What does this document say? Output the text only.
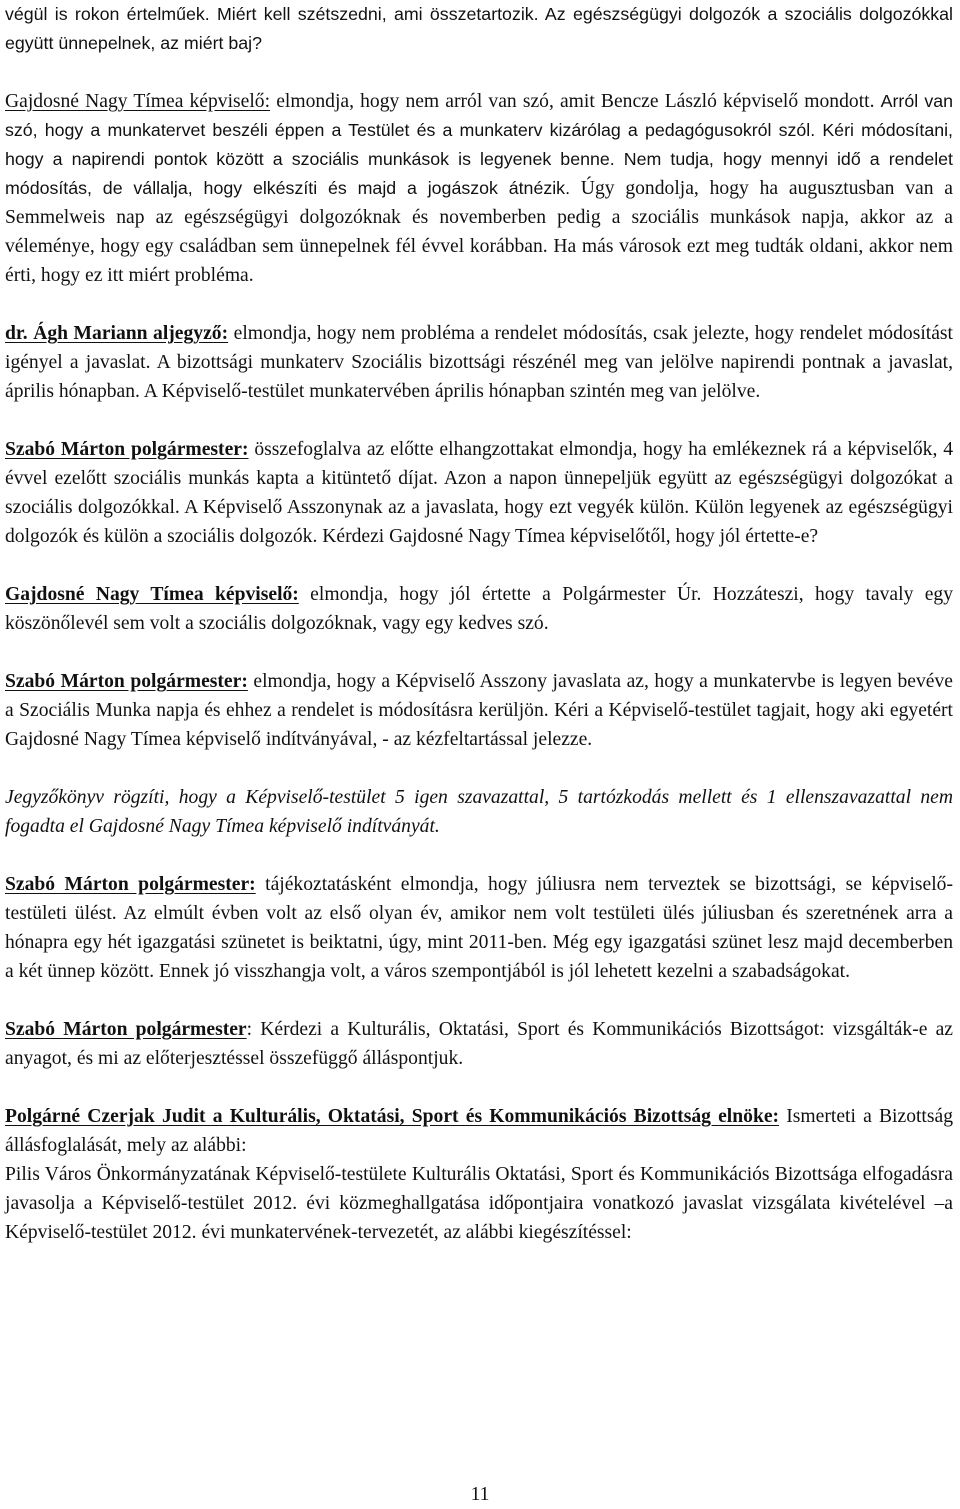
végül is rokon értelműek. Miért kell szétszedni, ami összetartozik. Az egészségügyi dolgozók a szociális dolgozókkal együtt ünnepelnek, az miért baj?

Gajdosné Nagy Tímea képviselő: elmondja, hogy nem arról van szó, amit Bencze László képviselő mondott. Arról van szó, hogy a munkatervet beszéli éppen a Testület és a munkaterv kizárólag a pedagógusokról szól. Kéri módosítani, hogy a napirendi pontok között a szociális munkások is legyenek benne. Nem tudja, hogy mennyi idő a rendelet módosítás, de vállalja, hogy elkészíti és majd a jogászok átnézik. Úgy gondolja, hogy ha augusztusban van a Semmelweis nap az egészségügyi dolgozóknak és novemberben pedig a szociális munkások napja, akkor az a véleménye, hogy egy családban sem ünnepelnek fél évvel korábban. Ha más városok ezt meg tudták oldani, akkor nem érti, hogy ez itt miért probléma.

dr. Ágh Mariann aljegyző: elmondja, hogy nem probléma a rendelet módosítás, csak jelezte, hogy rendelet módosítást igényel a javaslat. A bizottsági munkaterv Szociális bizottsági részénél meg van jelölve napirendi pontnak a javaslat, április hónapban. A Képviselő-testület munkatervében április hónapban szintén meg van jelölve.

Szabó Márton polgármester: összefoglalva az előtte elhangzottakat elmondja, hogy ha emlékeznek rá a képviselők, 4 évvel ezelőtt szociális munkás kapta a kitüntető díjat. Azon a napon ünnepeljük együtt az egészségügyi dolgozókat a szociális dolgozókkal. A Képviselő Asszonynak az a javaslata, hogy ezt vegyék külön. Külön legyenek az egészségügyi dolgozók és külön a szociális dolgozók. Kérdezi Gajdosné Nagy Tímea képviselőtől, hogy jól értette-e?

Gajdosné Nagy Tímea képviselő: elmondja, hogy jól értette a Polgármester Úr. Hozzáteszi, hogy tavaly egy köszönőlevél sem volt a szociális dolgozóknak, vagy egy kedves szó.

Szabó Márton polgármester: elmondja, hogy a Képviselő Asszony javaslata az, hogy a munkatervbe is legyen bevéve a Szociális Munka napja és ehhez a rendelet is módosításra kerüljön. Kéri a Képviselő-testület tagjait, hogy aki egyetért Gajdosné Nagy Tímea képviselő indítványával, - az kézfeltartással jelezze.

Jegyzőkönyv rögzíti, hogy a Képviselő-testület 5 igen szavazattal, 5 tartózkodás mellett és 1 ellenszavazattal nem fogadta el Gajdosné Nagy Tímea képviselő indítványát.

Szabó Márton polgármester: tájékoztatásként elmondja, hogy júliusra nem terveztek se bizottsági, se képviselő-testületi ülést. Az elmúlt évben volt az első olyan év, amikor nem volt testületi ülés júliusban és szeretnének arra a hónapra egy hét igazgatási szünetet is beiktatni, úgy, mint 2011-ben. Még egy igazgatási szünet lesz majd decemberben a két ünnep között. Ennek jó visszhangja volt, a város szempontjából is jól lehetett kezelni a szabadságokat.

Szabó Márton polgármester: Kérdezi a Kulturális, Oktatási, Sport és Kommunikációs Bizottságot: vizsgálták-e az anyagot, és mi az előterjesztéssel összefüggő álláspontjuk.

Polgárné Czerjak Judit a Kulturális, Oktatási, Sport és Kommunikációs Bizottság elnöke: Ismerteti a Bizottság állásfoglalását, mely az alábbi:

Pilis Város Önkormányzatának Képviselő-testülete Kulturális Oktatási, Sport és Kommunikációs Bizottsága elfogadásra javasolja a Képviselő-testület 2012. évi közmeghallgatása időpontjaira vonatkozó javaslat vizsgálata kivételével –a Képviselő-testület 2012. évi munkatervének-tervezetét, az alábbi kiegészítéssel:

11
